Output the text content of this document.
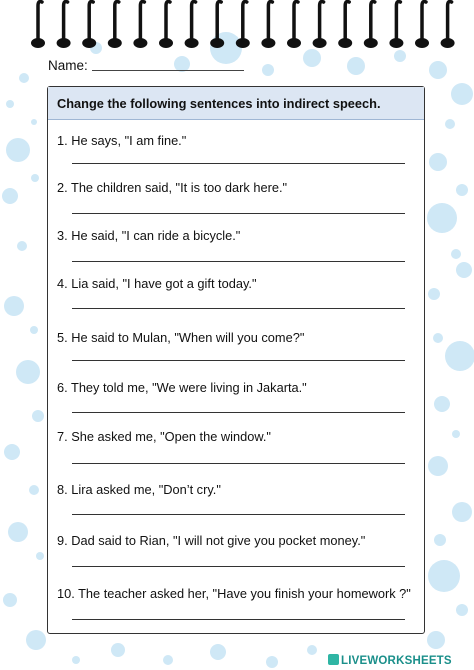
Name:
Change the following sentences into indirect speech.
1. He says, "I am fine."
2. The children said, "It is too dark here."
3. He said, "I can ride a bicycle."
4. Lia said, "I have got a gift today."
5. He said to Mulan, "When will you come?"
6. They told me, "We were living in Jakarta."
7. She asked me, "Open the window."
8. Lira asked me, "Don’t cry."
9. Dad said to Rian, "I will not give you pocket money."
10. The teacher asked her, "Have you finish your homework ?"
LIVEWORKSHEETS
